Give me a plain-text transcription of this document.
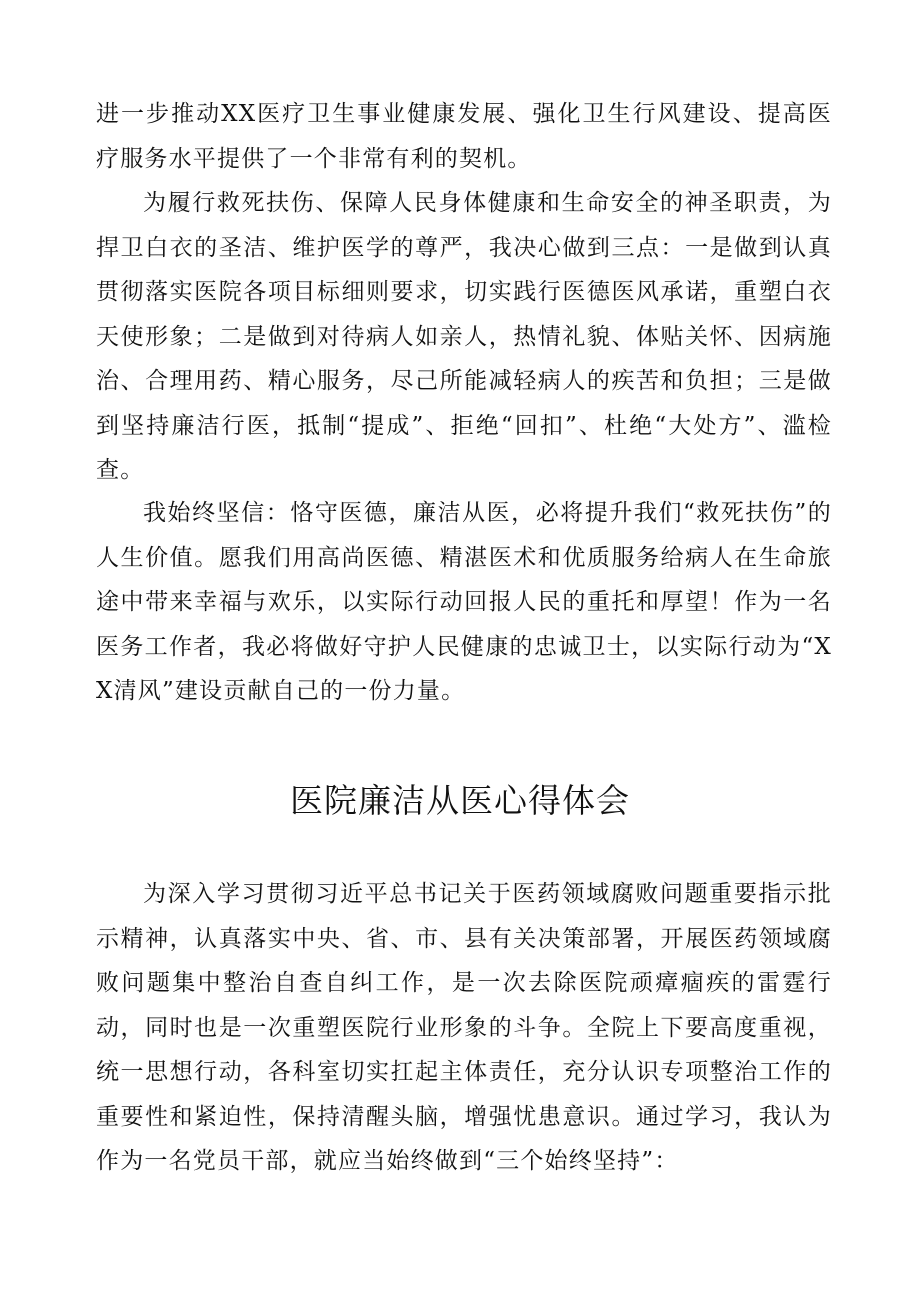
进一步推动XX医疗卫生事业健康发展、强化卫生行风建设、提高医疗服务水平提供了一个非常有利的契机。

为履行救死扶伤、保障人民身体健康和生命安全的神圣职责，为捍卫白衣的圣洁、维护医学的尊严，我决心做到三点：一是做到认真贯彻落实医院各项目标细则要求，切实践行医德医风承诺，重塑白衣天使形象；二是做到对待病人如亲人，热情礼貌、体贴关怀、因病施治、合理用药、精心服务，尽己所能减轻病人的疾苦和负担；三是做到坚持廉洁行医，抵制“提成”、拒绝“回扣”、杜绝“大处方”、滥检查。

我始终坚信：恪守医德，廉洁从医，必将提升我们“救死扶伤”的人生价值。愿我们用高尚医德、精湛医术和优质服务给病人在生命旅途中带来幸福与欢乐，以实际行动回报人民的重托和厚望！作为一名医务工作者，我必将做好守护人民健康的忠诚卫士，以实际行动为“XX清风”建设贡献自己的一份力量。

医院廉洁从医心得体会

为深入学习贯彻习近平总书记关于医药领域腐败问题重要指示批示精神，认真落实中央、省、市、县有关决策部署，开展医药领域腐败问题集中整治自查自纠工作，是一次去除医院顽瘴痼疾的雷霆行动，同时也是一次重塑医院行业形象的斗争。全院上下要高度重视，统一思想行动，各科室切实扛起主体责任，充分认识专项整治工作的重要性和紧迫性，保持清醒头脑，增强忧患意识。通过学习，我认为作为一名党员干部，就应当始终做到“三个始终坚持”：
